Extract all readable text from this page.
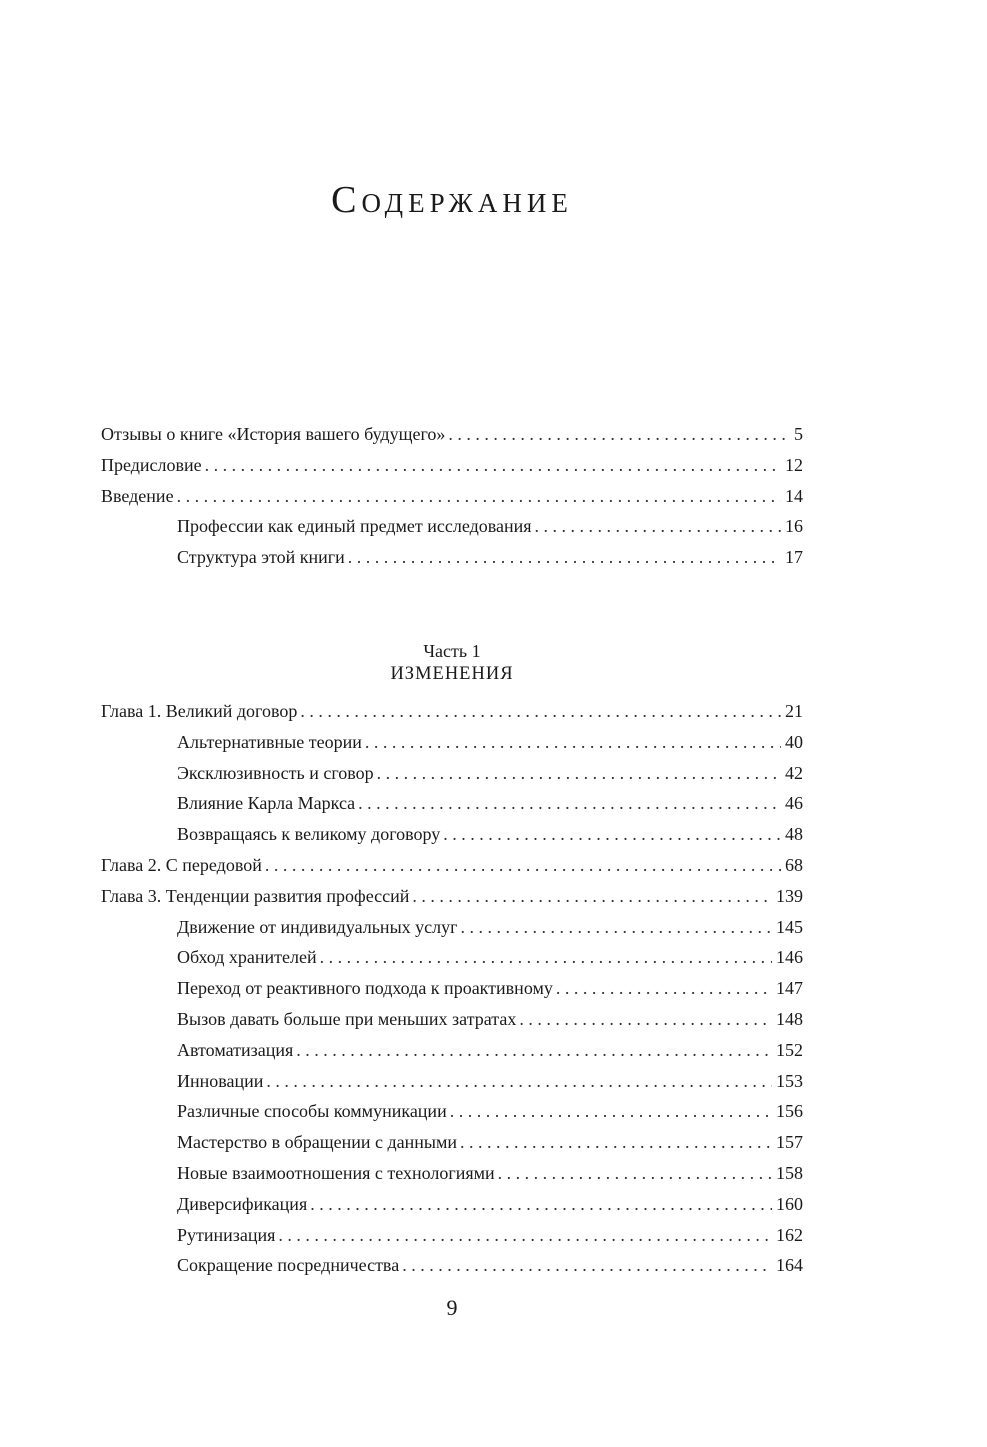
Содержание
Отзывы о книге «История вашего будущего» . . .	5
Предисловие . . .	12
Введение . . .	14
Профессии как единый предмет исследования . . .	16
Структура этой книги . . .	17
Часть 1
ИЗМЕНЕНИЯ
Глава 1. Великий договор . . .	21
Альтернативные теории . . .	40
Эксклюзивность и сговор . . .	42
Влияние Карла Маркса . . .	46
Возвращаясь к великому договору . . .	48
Глава 2. С передовой . . .	68
Глава 3. Тенденции развития профессий . . .	139
Движение от индивидуальных услуг . . .	145
Обход хранителей . . .	146
Переход от реактивного подхода к проактивному . . .	147
Вызов давать больше при меньших затратах . . .	148
Автоматизация . . .	152
Инновации . . .	153
Различные способы коммуникации . . .	156
Мастерство в обращении с данными . . .	157
Новые взаимоотношения с технологиями . . .	158
Диверсификация . . .	160
Рутинизация . . .	162
Сокращение посредничества . . .	164
9
